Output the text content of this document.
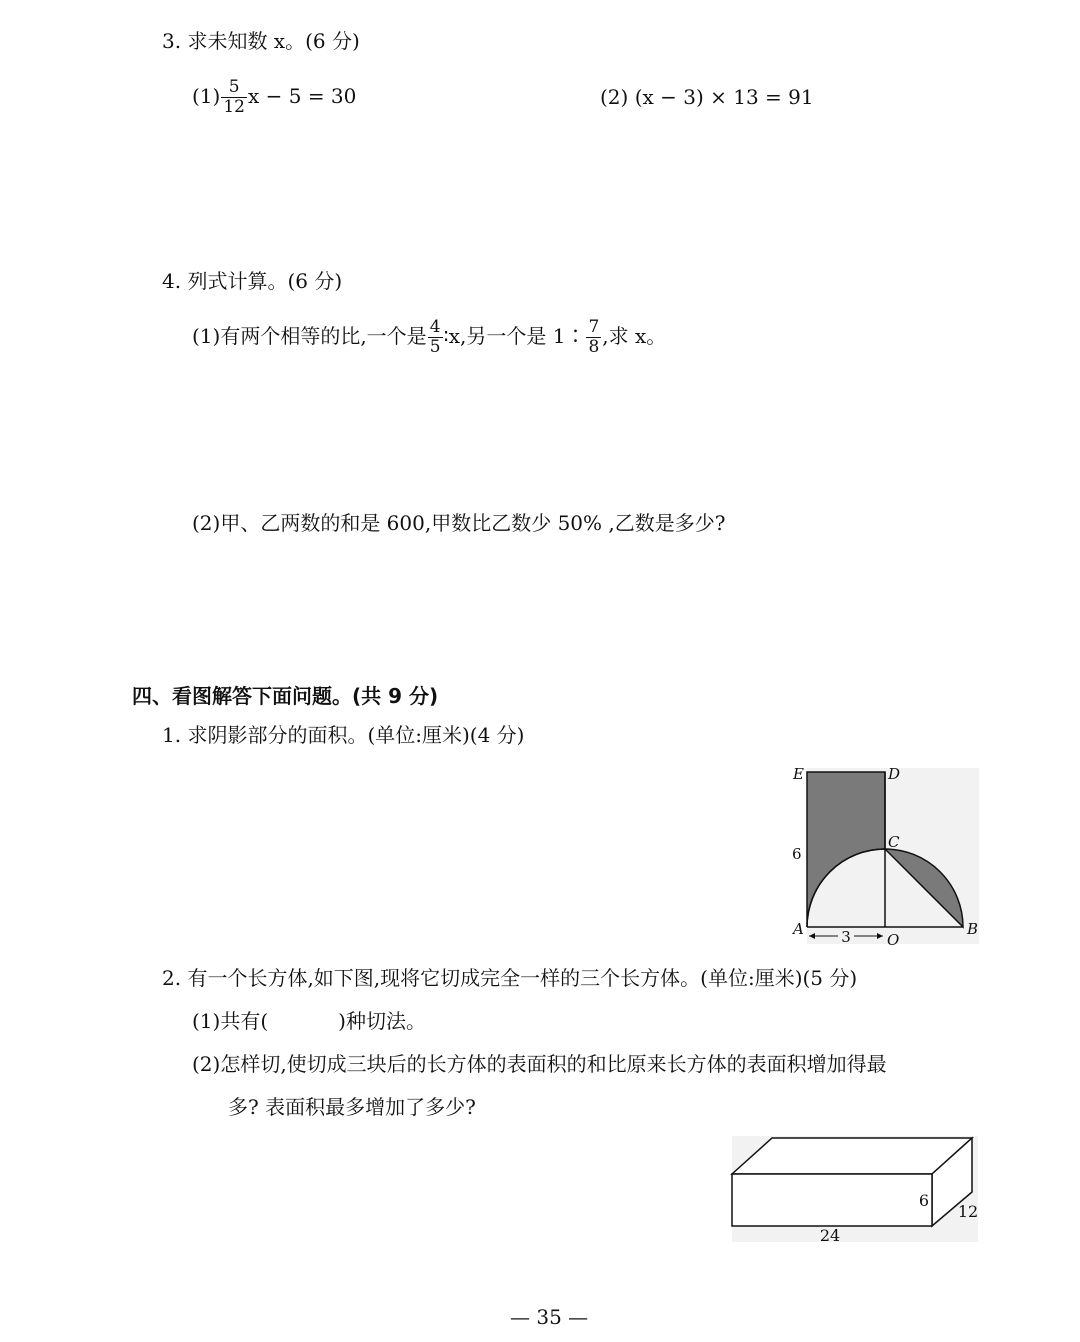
3. 求未知数 x。(6 分)
$(1) \frac{5}{12}$ x − 5 = 30	(2) (x − 3) × 13 = 91
4. 列式计算。(6 分)
(1)有两个相等的比,一个是 $\frac{4}{5}$ ∶x,另一个是 1∶ $\frac{7}{8}$ ,求 x。
(2)甲、乙两数的和是 600,甲数比乙数少 50% ,乙数是多少?
四、看图解答下面问题。(共 9 分)
1. 求阴影部分的面积。(单位:厘米)(4 分)
3
E	D
C
6
A	B
O
2. 有一个长方体,如下图,现将它切成完全一样的三个长方体。(单位:厘米)(5 分)
(1)共有(	)种切法。
(2)怎样切,使切成三块后的长方体的表面积的和比原来长方体的表面积增加得最
多? 表面积最多增加了多少?
6
12
24
— 35 —
